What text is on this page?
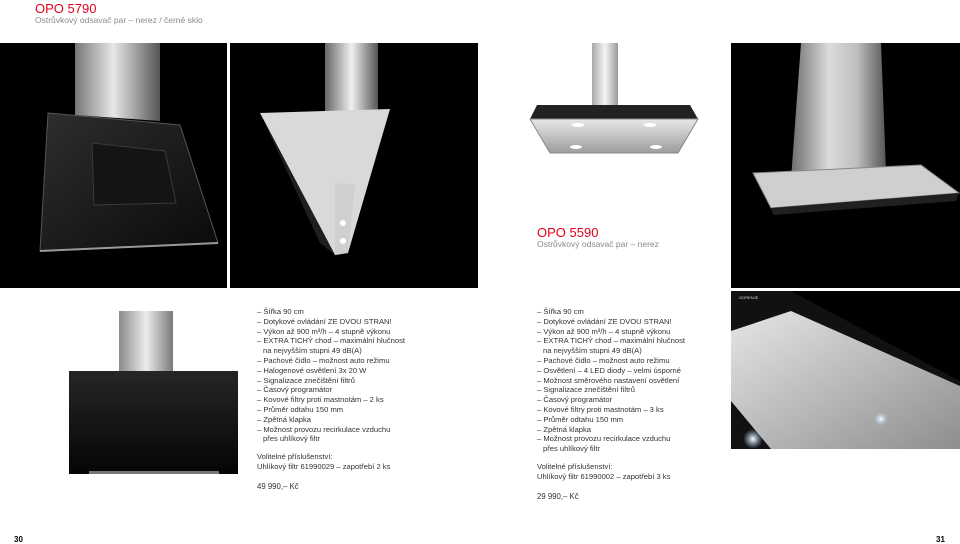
OPO 5790
Ostrůvkový odsavač par – nerez / černé sklo
GORENJE
OPO 5590
Ostrůvkový odsavač par – nerez
– Šířka 90 cm
– Dotykové ovládání ZE DVOU STRAN!
– Výkon až 900 m³/h – 4 stupně výkonu
– EXTRA TICHÝ chod – maximální hlučnost
na nejvyšším stupni 49 dB(A)
– Pachové čidlo – možnost auto režimu
– Halogenové osvětlení 3x 20 W
– Signalizace znečištění filtrů
– Časový programátor
– Kovové filtry proti mastnotám – 2 ks
– Průměr odtahu 150 mm
– Zpětná klapka
– Možnost provozu recirkulace vzduchu
přes uhlíkový filtr
Volitelné příslušenství:
Uhlíkový filtr 61990029 – zapotřebí 2 ks
49 990,– Kč
– Šířka 90 cm
– Dotykové ovládání ZE DVOU STRAN!
– Výkon až 900 m³/h – 4 stupně výkonu
– EXTRA TICHÝ chod – maximální hlučnost
na nejvyšším stupni 49 dB(A)
– Pachové čidlo – možnost auto režimu
– Osvětlení – 4 LED diody – velmi úsporné
– Možnost směrového nastavení osvětlení
– Signalizace znečištění filtrů
– Časový programátor
– Kovové filtry proti mastnotám – 3 ks
– Průměr odtahu 150 mm
– Zpětná klapka
– Možnost provozu recirkulace vzduchu
přes uhlíkový filtr
Volitelné příslušenství:
Uhlíkový filtr 61990002 – zapotřebí 3 ks
29 990,– Kč
30	31
